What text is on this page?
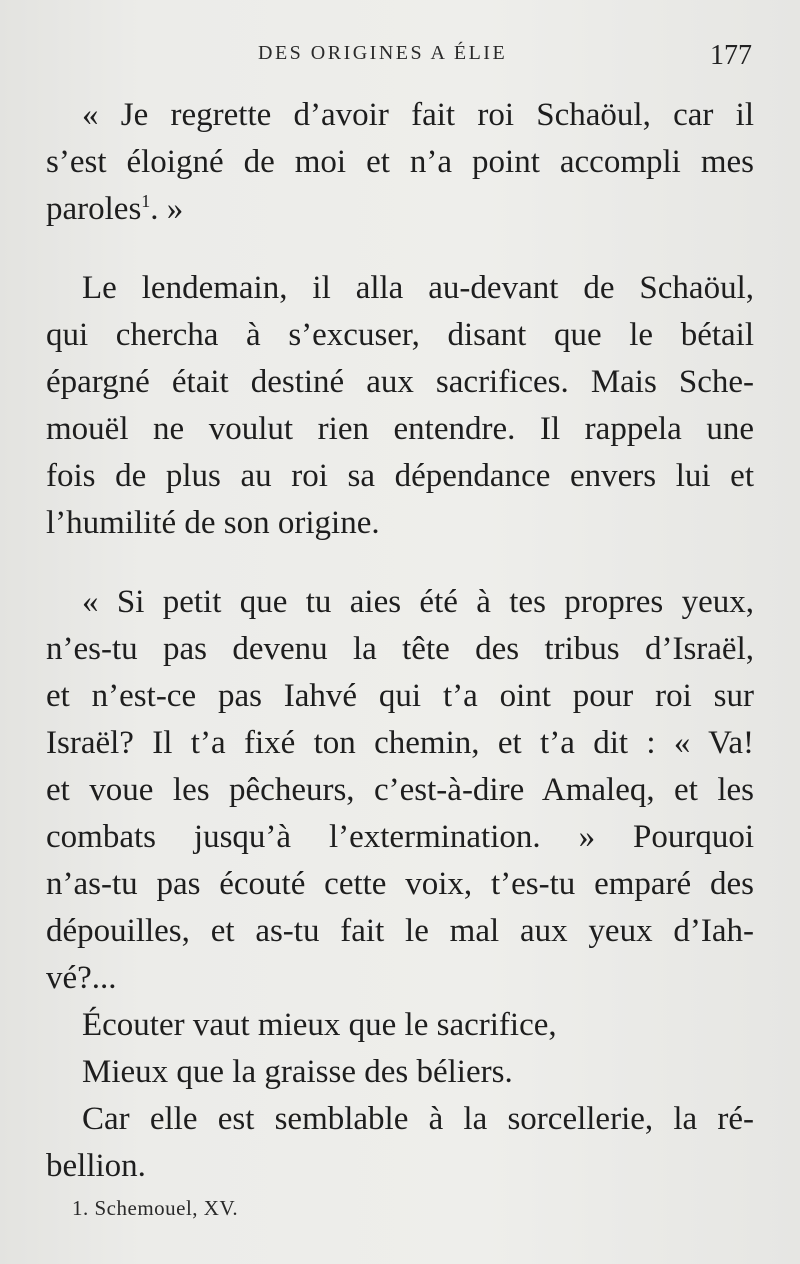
DES ORIGINES A ÉLIE	177
« Je regrette d’avoir fait roi Schaöul, car il
s’est éloigné de moi et n’a point accompli mes
paroles$^1$. »
Le lendemain, il alla au-devant de Schaöul,
qui chercha à s’excuser, disant que le bétail
épargné était destiné aux sacrifices. Mais Sche-
mouël ne voulut rien entendre. Il rappela une
fois de plus au roi sa dépendance envers lui et
l’humilité de son origine.
« Si petit que tu aies été à tes propres yeux,
n’es-tu pas devenu la tête des tribus d’Israël,
et n’est-ce pas Iahvé qui t’a oint pour roi sur
Israël? Il t’a fixé ton chemin, et t’a dit : « Va!
et voue les pêcheurs, c’est-à-dire Amaleq, et les
combats jusqu’à l’extermination. » Pourquoi
n’as-tu pas écouté cette voix, t’es-tu emparé des
dépouilles, et as-tu fait le mal aux yeux d’Iah-
vé?...
Écouter vaut mieux que le sacrifice,
Mieux que la graisse des béliers.
Car elle est semblable à la sorcellerie, la ré-
bellion.
1. Schemouel, XV.
